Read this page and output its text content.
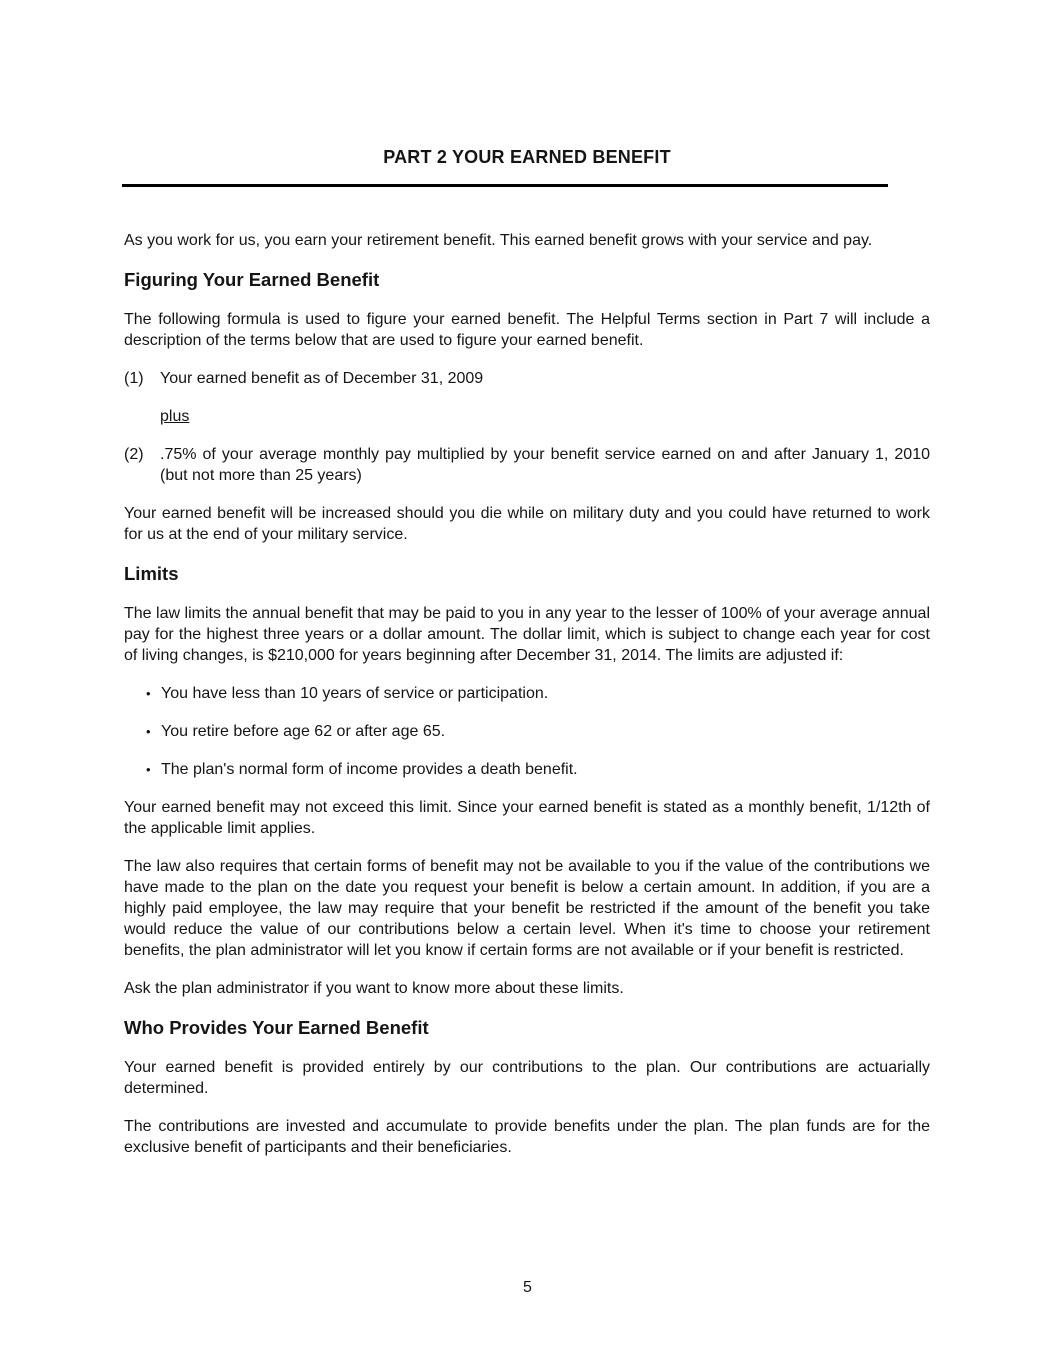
PART 2 YOUR EARNED BENEFIT

As you work for us, you earn your retirement benefit. This earned benefit grows with your service and pay.

Figuring Your Earned Benefit

The following formula is used to figure your earned benefit. The Helpful Terms section in Part 7 will include a description of the terms below that are used to figure your earned benefit.

(1)	Your earned benefit as of December 31, 2009

plus

(2)	.75% of your average monthly pay multiplied by your benefit service earned on and after January 1, 2010 (but not more than 25 years)

Your earned benefit will be increased should you die while on military duty and you could have returned to work for us at the end of your military service.

Limits

The law limits the annual benefit that may be paid to you in any year to the lesser of 100% of your average annual pay for the highest three years or a dollar amount. The dollar limit, which is subject to change each year for cost of living changes, is $210,000 for years beginning after December 31, 2014. The limits are adjusted if:

• You have less than 10 years of service or participation.
• You retire before age 62 or after age 65.
• The plan's normal form of income provides a death benefit.

Your earned benefit may not exceed this limit. Since your earned benefit is stated as a monthly benefit, 1/12th of the applicable limit applies.

The law also requires that certain forms of benefit may not be available to you if the value of the contributions we have made to the plan on the date you request your benefit is below a certain amount. In addition, if you are a highly paid employee, the law may require that your benefit be restricted if the amount of the benefit you take would reduce the value of our contributions below a certain level. When it's time to choose your retirement benefits, the plan administrator will let you know if certain forms are not available or if your benefit is restricted.

Ask the plan administrator if you want to know more about these limits.

Who Provides Your Earned Benefit

Your earned benefit is provided entirely by our contributions to the plan. Our contributions are actuarially determined.

The contributions are invested and accumulate to provide benefits under the plan. The plan funds are for the exclusive benefit of participants and their beneficiaries.

5
